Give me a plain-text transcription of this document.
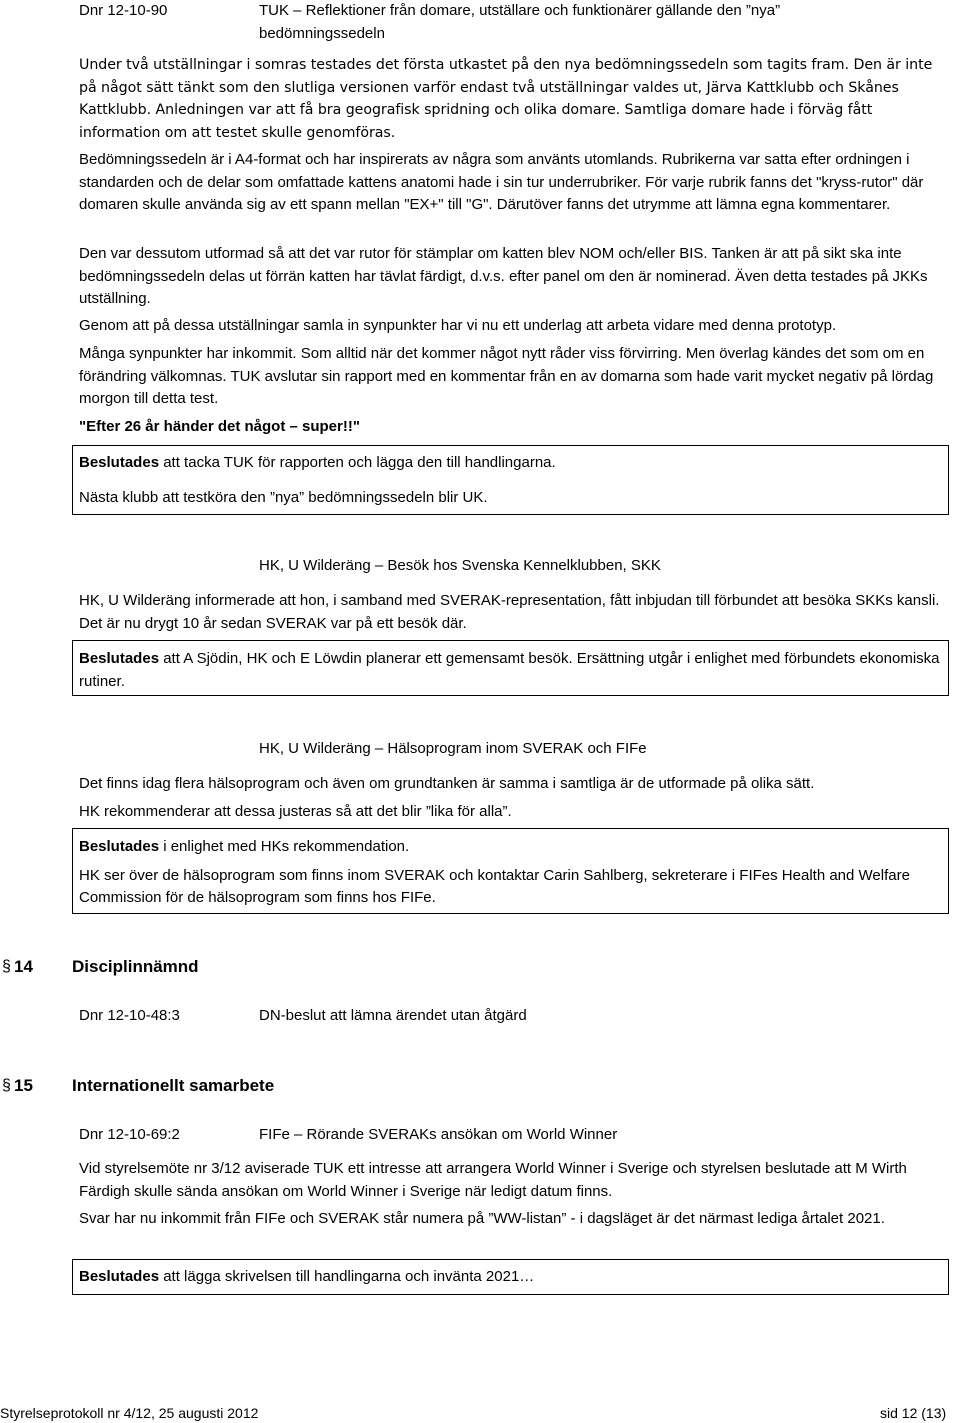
Dnr 12-10-90	TUK – Reflektioner från domare, utställare och funktionärer gällande den ”nya” bedömningssedeln

Under två utställningar i somras testades det första utkastet på den nya bedömningssedeln som tagits fram. Den är inte på något sätt tänkt som den slutliga versionen varför endast två utställningar valdes ut, Järva Kattklubb och Skånes Kattklubb. Anledningen var att få bra geografisk spridning och olika domare. Samtliga domare hade i förväg fått information om att testet skulle genomföras.

Bedömningssedeln är i A4-format och har inspirerats av några som använts utomlands. Rubrikerna var satta efter ordningen i standarden och de delar som omfattade kattens anatomi hade i sin tur underrubriker. För varje rubrik fanns det "kryss-rutor" där domaren skulle använda sig av ett spann mellan "EX+" till "G". Därutöver fanns det utrymme att lämna egna kommentarer.

Den var dessutom utformad så att det var rutor för stämplar om katten blev NOM och/eller BIS. Tanken är att på sikt ska inte bedömningssedeln delas ut förrän katten har tävlat färdigt, d.v.s. efter panel om den är nominerad. Även detta testades på JKKs utställning.

Genom att på dessa utställningar samla in synpunkter har vi nu ett underlag att arbeta vidare med denna prototyp.

Många synpunkter har inkommit. Som alltid när det kommer något nytt råder viss förvirring. Men överlag kändes det som om en förändring välkomnas. TUK avslutar sin rapport med en kommentar från en av domarna som hade varit mycket negativ på lördag morgon till detta test.

"Efter 26 år händer det något – super!!"

Beslutades att tacka TUK för rapporten och lägga den till handlingarna.

Nästa klubb att testköra den ”nya” bedömningssedeln blir UK.

HK, U Wilderäng – Besök hos Svenska Kennelklubben, SKK

HK, U Wilderäng informerade att hon, i samband med SVERAK-representation, fått inbjudan till förbundet att besöka SKKs kansli. Det är nu drygt 10 år sedan SVERAK var på ett besök där.

Beslutades att A Sjödin, HK och E Löwdin planerar ett gemensamt besök. Ersättning utgår i enlighet med förbundets ekonomiska rutiner.

HK, U Wilderäng – Hälsoprogram inom SVERAK och FIFe

Det finns idag flera hälsoprogram och även om grundtanken är samma i samtliga är de utformade på olika sätt.

HK rekommenderar att dessa justeras så att det blir ”lika för alla”.

Beslutades i enlighet med HKs rekommendation.

HK ser över de hälsoprogram som finns inom SVERAK och kontaktar Carin Sahlberg, sekreterare i FIFes Health and Welfare Commission för de hälsoprogram som finns hos FIFe.

§ 14 Disciplinnämnd
Dnr 12-10-48:3	DN-beslut att lämna ärendet utan åtgärd
§ 15 Internationellt samarbete
Dnr 12-10-69:2	FIFe – Rörande SVERAKs ansökan om World Winner

Vid styrelsemöte nr 3/12 aviserade TUK ett intresse att arrangera World Winner i Sverige och styrelsen beslutade att M Wirth Färdigh skulle sända ansökan om World Winner i Sverige när ledigt datum finns.

Svar har nu inkommit från FIFe och SVERAK står numera på ”WW-listan” - i dagsläget är det närmast lediga årtalet 2021.

Beslutades att lägga skrivelsen till handlingarna och invänta 2021…

Styrelseprotokoll nr 4/12, 25 augusti 2012	sid 12 (13)
